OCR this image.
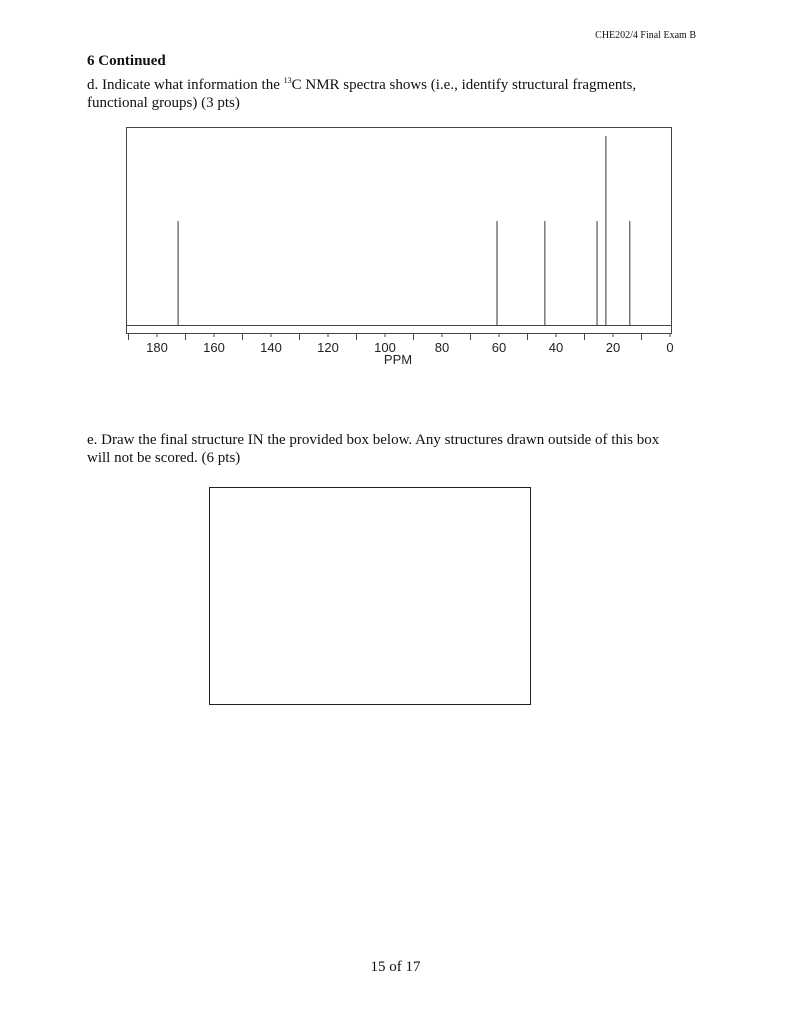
CHE202/4 Final Exam B
6 Continued
d. Indicate what information the $^{13}$C NMR spectra shows (i.e., identify structural fragments,
functional groups) (3 pts)
180	160	140	120	100	80	60	40	20	0
PPM
e. Draw the final structure IN the provided box below. Any structures drawn outside of this box
will not be scored. (6 pts)
15 of 17
